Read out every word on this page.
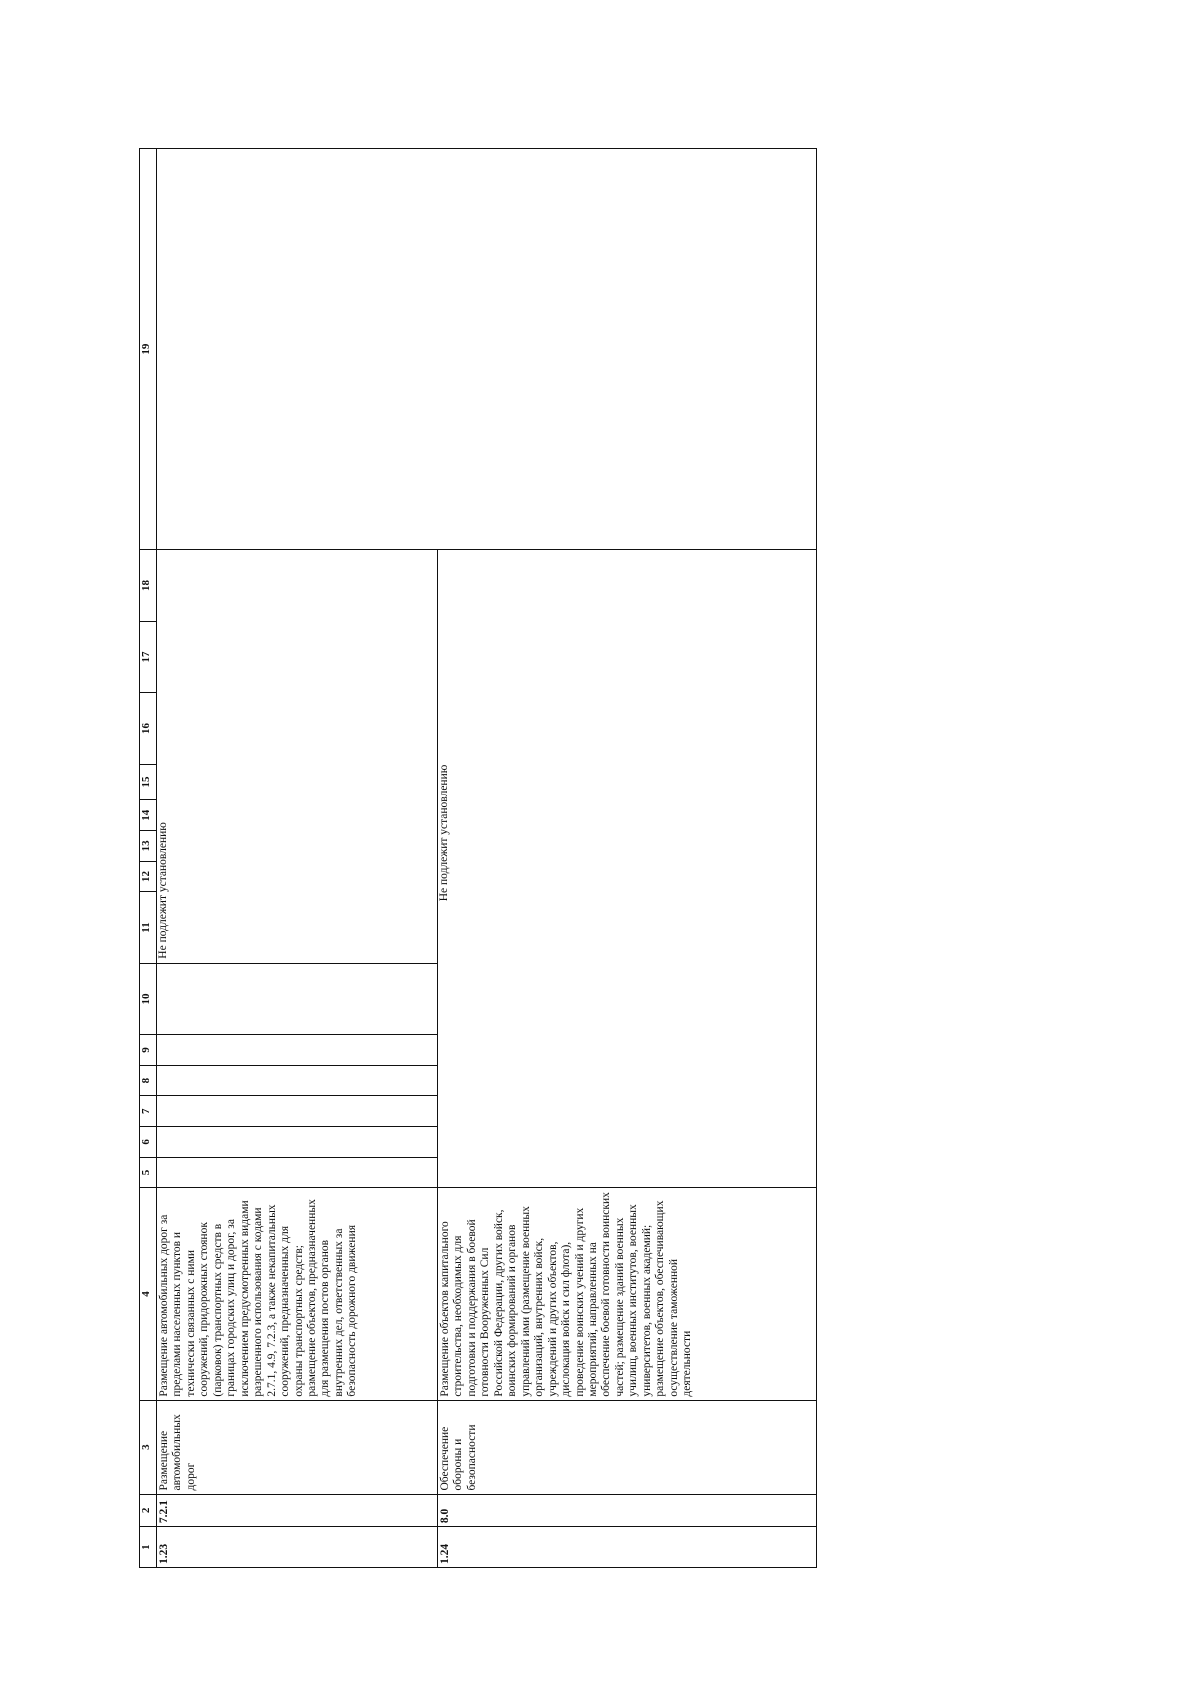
1	2	3	4	5	6	7	8	9	10	11	12	13	14	15	16	17	18	19
1.23	7.2.1	Размещение автомобильных дорог	Размещение автомобильных дорог за пределами населенных пунктов и технически связанных с ними сооружений, придорожных стоянок (парковок) транспортных средств в границах городских улиц и дорог, за исключением предусмотренных видами разрешенного использования с кодами 2.7.1, 4.9, 7.2.3, а также некапитальных сооружений, предназначенных для охраны транспортных средств; размещение объектов, предназначенных для размещения постов органов внутренних дел, ответственных за безопасность дорожного движения							Не подлежит установлению								

1.24	8.0	Обеспечение обороны и безопасности	Размещение объектов капитального строительства, необходимых для подготовки и поддержания в боевой готовности Вооруженных Сил Российской Федерации, других войск, воинских формирований и органов управлений ими (размещение военных организаций, внутренних войск, учреждений и других объектов, дислокация войск и сил флота), проведение воинских учений и других мероприятий, направленных на обеспечение боевой готовности воинских частей; размещение зданий военных училищ, военных институтов, военных университетов, военных академий; размещение объектов, обеспечивающих осуществление таможенной деятельности	Не подлежит установлению														
